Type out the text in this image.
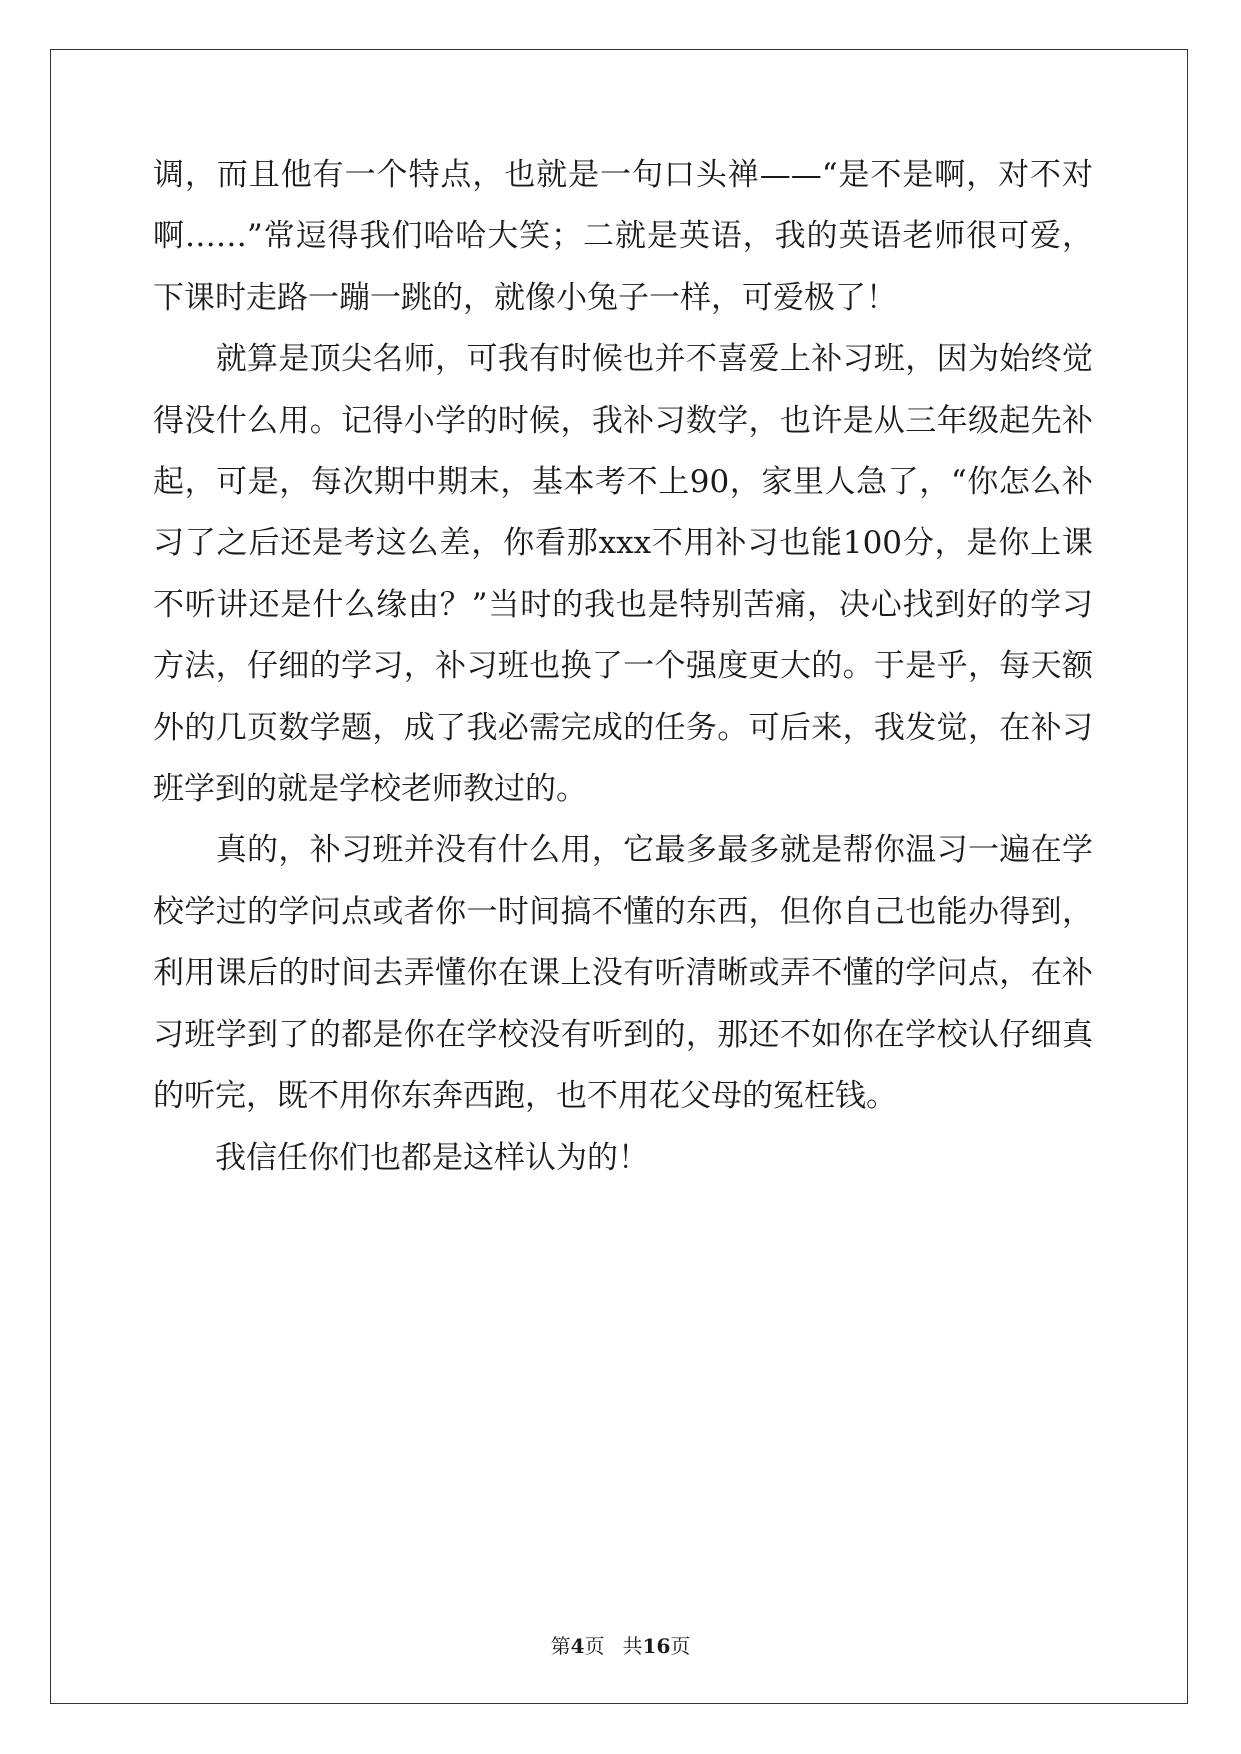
调，而且他有一个特点，也就是一句口头禅——“是不是啊，对不对啊……”常逗得我们哈哈大笑；二就是英语，我的英语老师很可爱，下课时走路一蹦一跳的，就像小兔子一样，可爱极了！

　　就算是顶尖名师，可我有时候也并不喜爱上补习班，因为始终觉得没什么用。记得小学的时候，我补习数学，也许是从三年级起先补起，可是，每次期中期末，基本考不上90，家里人急了，“你怎么补习了之后还是考这么差，你看那xxx不用补习也能100分，是你上课不听讲还是什么缘由？”当时的我也是特别苦痛，决心找到好的学习方法，仔细的学习，补习班也换了一个强度更大的。于是乎，每天额外的几页数学题，成了我必需完成的任务。可后来，我发觉，在补习班学到的就是学校老师教过的。

　　真的，补习班并没有什么用，它最多最多就是帮你温习一遍在学校学过的学问点或者你一时间搞不懂的东西，但你自己也能办得到，利用课后的时间去弄懂你在课上没有听清晰或弄不懂的学问点，在补习班学到了的都是你在学校没有听到的，那还不如你在学校认仔细真的听完，既不用你东奔西跑，也不用花父母的冤枉钱。

　　我信任你们也都是这样认为的！

第4页 共16页
